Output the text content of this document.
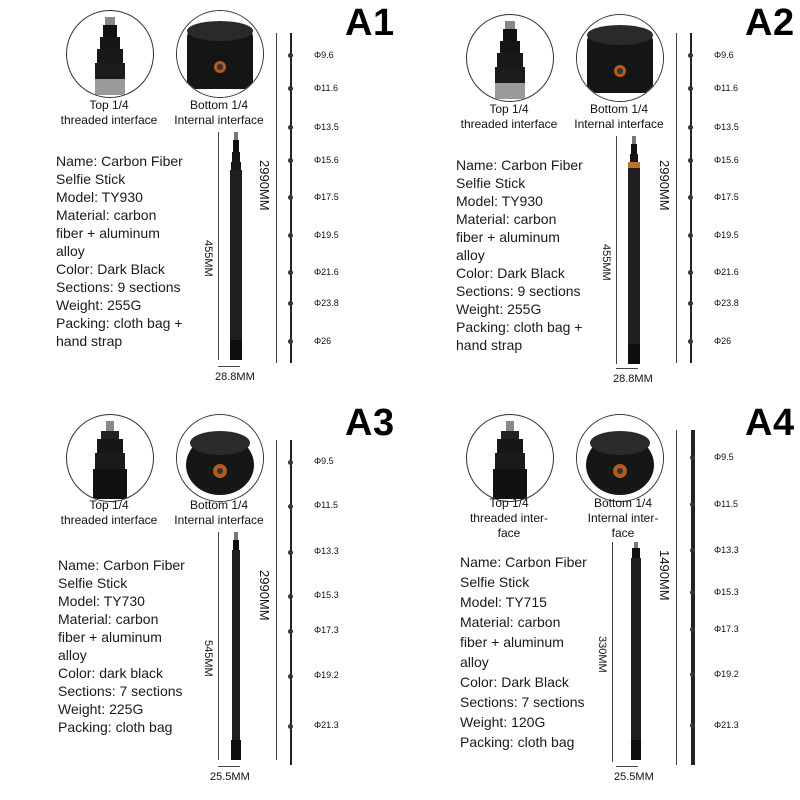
A1
Top 1/4
threaded interface
Bottom 1/4
Internal interface
Name: Carbon Fiber
Selfie Stick
Model: TY930
Material: carbon
fiber + aluminum
alloy
Color: Dark Black
Sections: 9 sections
Weight: 255G
Packing: cloth bag +
hand strap
455MM
28.8MM
2990MM
Φ9.6
Φ11.6
Φ13.5
Φ15.6
Φ17.5
Φ19.5
Φ21.6
Φ23.8
Φ26
A2
Top 1/4
threaded interface
Bottom 1/4
Internal interface
Name: Carbon Fiber
Selfie Stick
Model: TY930
Material: carbon
fiber + aluminum
alloy
Color: Dark Black
Sections: 9 sections
Weight: 255G
Packing: cloth bag +
hand strap
455MM
28.8MM
2990MM
Φ9.6
Φ11.6
Φ13.5
Φ15.6
Φ17.5
Φ19.5
Φ21.6
Φ23.8
Φ26
A3
Top 1/4
threaded interface
Bottom 1/4
Internal interface
Name: Carbon Fiber
Selfie Stick
Model: TY730
Material: carbon
fiber + aluminum
alloy
Color: dark black
Sections: 7 sections
Weight: 225G
Packing: cloth bag
545MM
25.5MM
2990MM
Φ9.5
Φ11.5
Φ13.3
Φ15.3
Φ17.3
Φ19.2
Φ21.3
A4
Top 1/4
threaded inter-
face
Bottom 1/4
Internal inter-
face
Name: Carbon Fiber
Selfie Stick
Model: TY715
Material: carbon
fiber + aluminum
alloy
Color: Dark Black
Sections: 7 sections
Weight: 120G
Packing: cloth bag
330MM
25.5MM
1490MM
Φ9.5
Φ11.5
Φ13.3
Φ15.3
Φ17.3
Φ19.2
Φ21.3
